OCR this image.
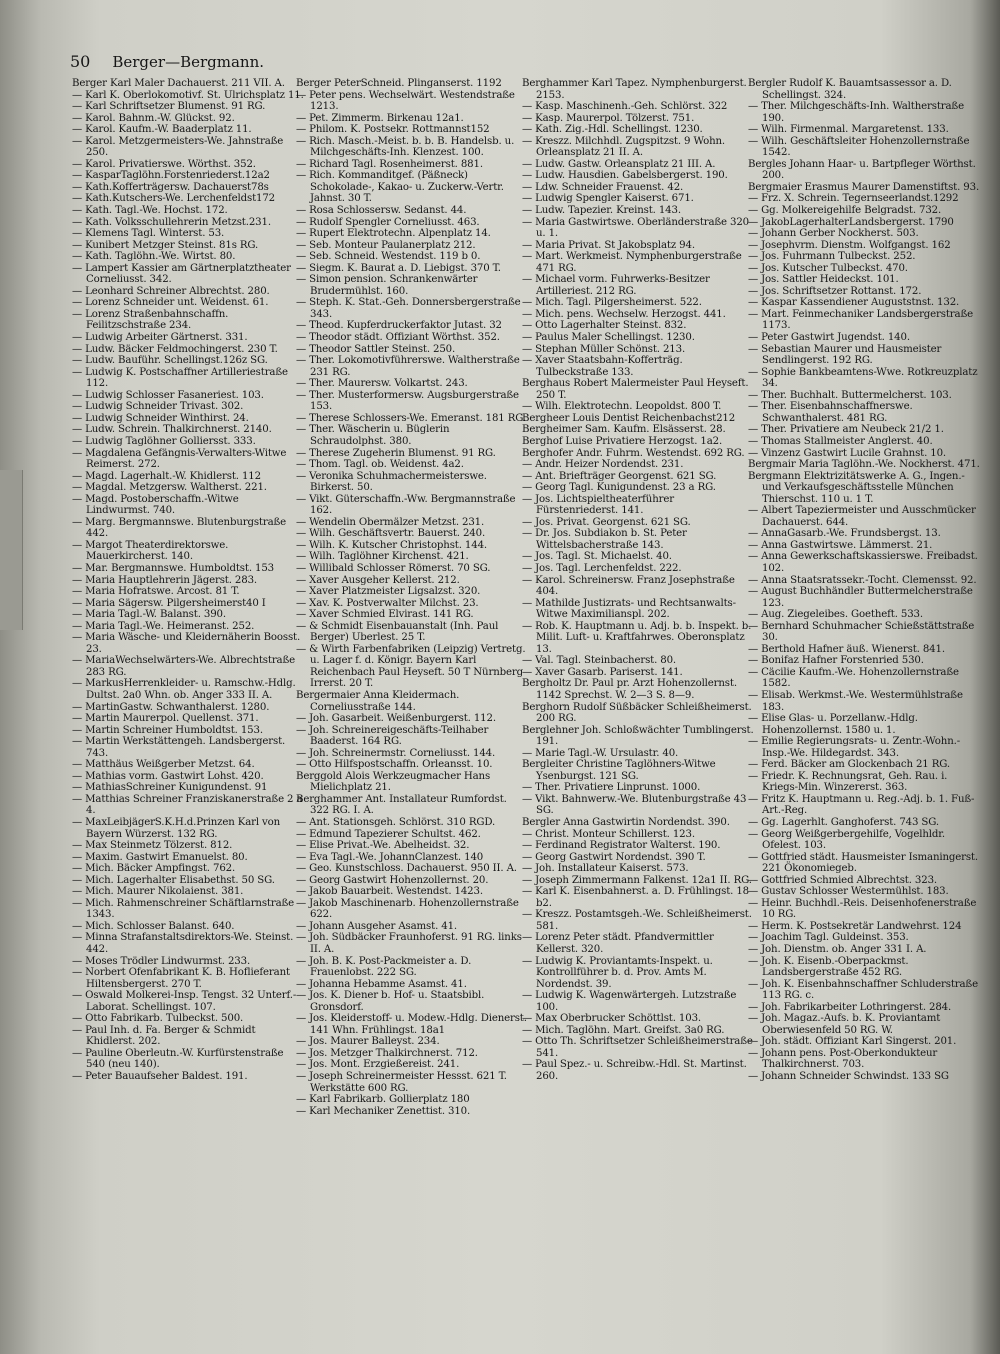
50 Berger—Bergmann.
Berger Karl Maler Dachauerst. 211 VII. A.
— Karl K. Oberlokomotivf. St. Ulrichsplatz 11.
— Karl Schriftsetzer Blumenst. 91 RG.
— Karol. Bahnm.-W. Glückst. 92.
— Karol. Kaufm.-W. Baaderplatz 11.
— Karol. Metzgermeisters-We. Jahnstraße 250.
— Karol. Privatierswe. Wörthst. 352.
— KasparTaglöhn.Forstenriederst.12a2
— Kath.Kofferträgersw. Dachauerst78s
— Kath.Kutschers-We. Lerchenfeldst172
— Kath. Tagl.-We. Hochst. 172.
— Kath. Volksschullehrerin Metzst.231.
— Klemens Tagl. Winterst. 53.
— Kunibert Metzger Steinst. 81s RG.
— Kath. Taglöhn.-We. Wirtst. 80.
— Lampert Kassier am Gärtnerplatztheater Corneliusst. 342.
— Leonhard Schreiner Albrechtst. 280.
— Lorenz Schneider unt. Weidenst. 61.
— Lorenz Straßenbahnschaffn. Feilitzschstraße 234.
— Ludwig Arbeiter Gärtnerst. 331.
— Ludw. Bäcker Feldmochingerst. 230 T.
— Ludw. Bauführ. Schellingst.126z SG.
— Ludwig K. Postschaffner Artilleriestraße 112.
— Ludwig Schlosser Fasaneriest. 103.
— Ludwig Schneider Trivast. 302.
— Ludwig Schneider Winthirst. 24.
— Ludw. Schrein. Thalkirchnerst. 2140.
— Ludwig Taglöhner Golliersst. 333.
— Magdalena Gefängnis-Verwalters-Witwe Reimerst. 272.
— Magd. Lagerhalt.-W. Khidlerst. 112
— Magdal. Metzgersw. Waltherst. 221.
— Magd. Postoberschaffn.-Witwe Lindwurmst. 740.
— Marg. Bergmannswe. Blutenburgstraße 442.
— Margot Theaterdirektorswe. Mauerkircherst. 140.
— Mar. Bergmannswe. Humboldtst. 153
— Maria Hauptlehrerin Jägerst. 283.
— Maria Hofratswe. Arcost. 81 T.
— Maria Sägersw. Pilgersheimerst40 I
— Maria Tagl.-W. Balanst. 390.
— Maria Tagl.-We. Heimeranst. 252.
— Maria Wäsche- und Kleidernäherin Boosst. 23.
— MariaWechselwärters-We. Albrechtstraße 283 RG.
— MarkusHerrenkleider- u. Ramschw.-Hdlg. Dultst. 2a0 Whn. ob. Anger 333 II. A.
— MartinGastw. Schwanthalerst. 1280.
— Martin Maurerpol. Quellenst. 371.
— Martin Schreiner Humboldtst. 153.
— Martin Werkstättengeh. Landsbergerst. 743.
— Matthäus Weißgerber Metzst. 64.
— Mathias vorm. Gastwirt Lohst. 420.
— MathiasSchreiner Kunigundenst. 91
— Matthias Schreiner Franziskanerstraße 2 a 4.
— MaxLeibjägerS.K.H.d.Prinzen Karl von Bayern Würzerst. 132 RG.
— Max Steinmetz Tölzerst. 812.
— Maxim. Gastwirt Emanuelst. 80.
— Mich. Bäcker Ampfingst. 762.
— Mich. Lagerhalter Elisabethst. 50 SG.
— Mich. Maurer Nikolaienst. 381.
— Mich. Rahmenschreiner Schäftlarnstraße 1343.
— Mich. Schlosser Balanst. 640.
— Minna Strafanstaltsdirektors-We. Steinst. 442.
— Moses Trödler Lindwurmst. 233.
— Norbert Ofenfabrikant K. B. Hoflieferant Hiltensbergerst. 270 T.
— Oswald Molkerei-Insp. Tengst. 32 Unterf.-Laborat. Schellingst. 107.
— Otto Fabrikarb. Tulbeckst. 500.
— Paul Inh. d. Fa. Berger & Schmidt Khidlerst. 202.
— Pauline Oberleutn.-W. Kurfürstenstraße 540 (neu 140).
— Peter Bauaufseher Baldest. 191.
Berger PeterSchneid. Plinganserst. 1192
— Peter pens. Wechselwärt. Westendstraße 1213.
— Pet. Zimmerm. Birkenau 12a1.
— Philom. K. Postsekr. Rottmannst152
— Rich. Masch.-Meist. b. b. B. Handelsb. u. Milchgeschäfts-Inh. Klenzest. 100.
— Richard Tagl. Rosenheimerst. 881.
— Rich. Kommanditgef. (Päßneck) Schokolade-, Kakao- u. Zuckerw.-Vertr. Jahnst. 30 T.
— Rosa Schlossersw. Sedanst. 44.
— Rudolf Spengler Corneliusst. 463.
— Rupert Elektrotechn. Alpenplatz 14.
— Seb. Monteur Paulanerplatz 212.
— Seb. Schneid. Westendst. 119 b 0.
— Siegm. K. Baurat a. D. Liebigst. 370 T.
— Simon pension. Schrankenwärter Brudermühlst. 160.
— Steph. K. Stat.-Geh. Donnersbergerstraße 343.
— Theod. Kupferdruckerfaktor Jutast. 32
— Theodor städt. Offiziant Wörthst. 352.
— Theodor Sattler Steinst. 250.
— Ther. Lokomotivführerswe. Waltherstraße 231 RG.
— Ther. Maurersw. Volkartst. 243.
— Ther. Musterformersw. Augsburgerstraße 153.
— Therese Schlossers-We. Emeranst. 181 RG.
— Ther. Wäscherin u. Büglerin Schraudolphst. 380.
— Therese Zugeherin Blumenst. 91 RG.
— Thom. Tagl. ob. Weidenst. 4a2.
— Veronika Schuhmachermeisterswe. Birkerst. 50.
— Vikt. Güterschaffn.-Ww. Bergmannstraße 162.
— Wendelin Obermälzer Metzst. 231.
— Wilh. Geschäftsvertr. Bauerst. 240.
— Wilh. K. Kutscher Christophst. 144.
— Wilh. Taglöhner Kirchenst. 421.
— Willibald Schlosser Römerst. 70 SG.
— Xaver Ausgeher Kellerst. 212.
— Xaver Platzmeister Ligsalzst. 320.
— Xav. K. Postverwalter Milchst. 23.
— Xaver Schmied Elvirast. 141 RG.
— & Schmidt Eisenbauanstalt (Inh. Paul Berger) Uberlest. 25 T.
— & Wirth Farbenfabriken (Leipzig) Vertretg. u. Lager f. d. Königr. Bayern Karl Reichenbach Paul Heyseft. 50 T Nürnberg Irrerst. 20 T.
Bergermaier Anna Kleidermach. Corneliusstraße 144.
— Joh. Gasarbeit. Weißenburgerst. 112.
— Joh. Schreinereigeschäfts-Teilhaber Baaderst. 164 RG.
— Joh. Schreinermstr. Corneliusst. 144.
— Otto Hilfspostschaffn. Orleansst. 10.
Berggold Alois Werkzeugmacher Hans Mielichplatz 21.
Berghammer Ant. Installateur Rumfordst. 322 RG. I. A.
— Ant. Stationsgeh. Schlörst. 310 RGD.
— Edmund Tapezierer Schultst. 462.
— Elise Privat.-We. Abelheidst. 32.
— Eva Tagl.-We. JohannClanzest. 140
— Geo. Kunstschloss. Dachauerst. 950 II. A.
— Georg Gastwirt Hohenzollernst. 20.
— Jakob Bauarbeit. Westendst. 1423.
— Jakob Maschinenarb. Hohenzollernstraße 622.
— Johann Ausgeher Asamst. 41.
— Joh. Südbäcker Fraunhoferst. 91 RG. links II. A.
— Joh. B. K. Post-Packmeister a. D. Frauenlobst. 222 SG.
— Johanna Hebamme Asamst. 41.
— Jos. K. Diener b. Hof- u. Staatsbibl. Gronsdorf.
— Jos. Kleiderstoff- u. Modew.-Hdlg. Dienerst. 141 Whn. Frühlingst. 18a1
— Jos. Maurer Balleyst. 234.
— Jos. Metzger Thalkirchnerst. 712.
— Jos. Mont. Erzgießereist. 241.
— Joseph Schreinermeister Hessst. 621 T. Werkstätte 600 RG.
— Karl Fabrikarb. Gollierplatz 180
— Karl Mechaniker Zenettist. 310.
Berghammer Karl Tapez. Nymphenburgerst. 2153.
— Kasp. Maschinenh.-Geh. Schlörst. 322
— Kasp. Maurerpol. Tölzerst. 751.
— Kath. Zig.-Hdl. Schellingst. 1230.
— Kreszz. Milchhdl. Zugspitzst. 9 Wohn. Orleansplatz 21 II. A.
— Ludw. Gastw. Orleansplatz 21 III. A.
— Ludw. Hausdien. Gabelsbergerst. 190.
— Ldw. Schneider Frauenst. 42.
— Ludwig Spengler Kaiserst. 671.
— Ludw. Tapezier. Kreinst. 143.
— Maria Gastwirtswe. Oberländerstraße 320 u. 1.
— Maria Privat. St Jakobsplatz 94.
— Mart. Werkmeist. Nymphenburgerstraße 471 RG.
— Michael vorm. Fuhrwerks-Besitzer Artilleriest. 212 RG.
— Mich. Tagl. Pilgersheimerst. 522.
— Mich. pens. Wechselw. Herzogst. 441.
— Otto Lagerhalter Steinst. 832.
— Paulus Maler Schellingst. 1230.
— Stephan Müller Schönst. 213.
— Xaver Staatsbahn-Kofferträg. Tulbeckstraße 133.
Berghaus Robert Malermeister Paul Heyseft. 250 T.
— Wilh. Elektrotechn. Leopoldst. 800 T.
Bergheer Louis Dentist Reichenbachst212
Bergheimer Sam. Kaufm. Elsässerst. 28.
Berghof Luise Privatiere Herzogst. 1a2.
Berghofer Andr. Fuhrm. Westendst. 692 RG.
— Andr. Heizer Nordendst. 231.
— Ant. Briefträger Georgenst. 621 SG.
— Georg Tagl. Kunigundenst. 23 a RG.
— Jos. Lichtspieltheaterführer Fürstenriederst. 141.
— Jos. Privat. Georgenst. 621 SG.
— Dr. Jos. Subdiakon b. St. Peter Wittelsbacherstraße 143.
— Jos. Tagl. St. Michaelst. 40.
— Jos. Tagl. Lerchenfeldst. 222.
— Karol. Schreinersw. Franz Josephstraße 404.
— Mathilde Justizrats- und Rechtsanwalts-Witwe Maximilianspl. 202.
— Rob. K. Hauptmann u. Adj. b. b. Inspekt. b. Milit. Luft- u. Kraftfahrwes. Oberonsplatz 13.
— Val. Tagl. Steinbacherst. 80.
— Xaver Gasarb. Pariserst. 141.
Bergholtz Dr. Paul pr. Arzt Hohenzollernst. 1142 Sprechst. W. 2—3 S. 8—9.
Berghorn Rudolf Süßbäcker Schleißheimerst. 200 RG.
Berglehner Joh. Schloßwächter Tumblingerst. 191.
— Marie Tagl.-W. Ursulastr. 40.
Bergleiter Christine Taglöhners-Witwe Ysenburgst. 121 SG.
— Ther. Privatiere Linprunst. 1000.
— Vikt. Bahnwerw.-We. Blutenburgstraße 43 SG.
Bergler Anna Gastwirtin Nordendst. 390.
— Christ. Monteur Schillerst. 123.
— Ferdinand Registrator Walterst. 190.
— Georg Gastwirt Nordendst. 390 T.
— Joh. Installateur Kaiserst. 573.
— Joseph Zimmermann Falkenst. 12a1 II. RG.
— Karl K. Eisenbahnerst. a. D. Frühlingst. 18 b2.
— Kreszz. Postamtsgeh.-We. Schleißheimerst. 581.
— Lorenz Peter städt. Pfandvermittler Kellerst. 320.
— Ludwig K. Proviantamts-Inspekt. u. Kontrollführer b. d. Prov. Amts M. Nordendst. 39.
— Ludwig K. Wagenwärtergeh. Lutzstraße 100.
— Max Oberbrucker Schöttlst. 103.
— Mich. Taglöhn. Mart. Greifst. 3a0 RG.
— Otto Th. Schriftsetzer Schleißheimerstraße 541.
— Paul Spez.- u. Schreibw.-Hdl. St. Martinst. 260.
Bergler Rudolf K. Bauamtsassessor a. D. Schellingst. 324.
— Ther. Milchgeschäfts-Inh. Waltherstraße 190.
— Wilh. Firmenmal. Margaretenst. 133.
— Wilh. Geschäftsleiter Hohenzollernstraße 1542.
Bergles Johann Haar- u. Bartpfleger Wörthst. 200.
Bergmaier Erasmus Maurer Damenstiftst. 93.
— Frz. X. Schrein. Tegernseerlandst.1292
— Gg. Molkereigehilfe Belgradst. 732.
— JakobLagerhalterLandsbergerst. 1790
— Johann Gerber Nockherst. 503.
— Josephvrm. Dienstm. Wolfgangst. 162
— Jos. Fuhrmann Tulbeckst. 252.
— Jos. Kutscher Tulbeckst. 470.
— Jos. Sattler Heideckst. 101.
— Jos. Schriftsetzer Rottanst. 172.
— Kaspar Kassendiener Auguststnst. 132.
— Mart. Feinmechaniker Landsbergerstraße 1173.
— Peter Gastwirt Jugendst. 140.
— Sebastian Maurer und Hausmeister Sendlingerst. 192 RG.
— Sophie Bankbeamtens-Wwe. Rotkreuzplatz 34.
— Ther. Buchhalt. Buttermelcherst. 103.
— Ther. Eisenbahnschaffnerswe. Schwanthalerst. 481 RG.
— Ther. Privatiere am Neubeck 21/2 1.
— Thomas Stallmeister Anglerst. 40.
— Vinzenz Gastwirt Lucile Grahnst. 10.
Bergmair Maria Taglöhn.-We. Nockherst. 471.
Bergmann Elektrizitätswerke A. G., Ingen.- und Verkaufsgeschäftsstelle München Thierschst. 110 u. 1 T.
— Albert Tapeziermeister und Ausschmücker Dachauerst. 644.
— AnnaGasarb.-We. Frundsbergst. 13.
— Anna Gastwirtswe. Lämmerst. 21.
— Anna Gewerkschaftskassierswe. Freibadst. 102.
— Anna Staatsratssekr.-Tocht. Clemensst. 92.
— August Buchhändler Buttermelcherstraße 123.
— Aug. Ziegeleibes. Goetheft. 533.
— Bernhard Schuhmacher Schießstättstraße 30.
— Berthold Hafner äuß. Wienerst. 841.
— Bonifaz Hafner Forstenried 530.
— Cäcilie Kaufm.-We. Hohenzollernstraße 1582.
— Elisab. Werkmst.-We. Westermühlstraße 183.
— Elise Glas- u. Porzellanw.-Hdlg. Hohenzollernst. 1580 u. 1.
— Emilie Regierungsrats- u. Zentr.-Wohn.-Insp.-We. Hildegardst. 343.
— Ferd. Bäcker am Glockenbach 21 RG.
— Friedr. K. Rechnungsrat, Geh. Rau. i. Kriegs-Min. Winzererst. 363.
— Fritz K. Hauptmann u. Reg.-Adj. b. 1. Fuß-Art.-Reg.
— Gg. Lagerhlt. Ganghoferst. 743 SG.
— Georg Weißgerbergehilfe, Vogelhldr. Ofelest. 103.
— Gottfried städt. Hausmeister Ismaningerst. 221 Ökonomiegeb.
— Gottfried Schmied Albrechtst. 323.
— Gustav Schlosser Westermühlst. 183.
— Heinr. Buchhdl.-Reis. Deisenhofenerstraße 10 RG.
— Herm. K. Postsekretär Landwehrst. 124
— Joachim Tagl. Guldeinst. 353.
— Joh. Dienstm. ob. Anger 331 I. A.
— Joh. K. Eisenb.-Oberpackmst. Landsbergerstraße 452 RG.
— Joh. K. Eisenbahnschaffner Schluderstraße 113 RG. c.
— Joh. Fabrikarbeiter Lothringerst. 284.
— Joh. Magaz.-Aufs. b. K. Proviantamt Oberwiesenfeld 50 RG. W.
— Joh. städt. Offiziant Karl Singerst. 201.
— Johann pens. Post-Oberkondukteur Thalkirchnerst. 703.
— Johann Schneider Schwindst. 133 SG
